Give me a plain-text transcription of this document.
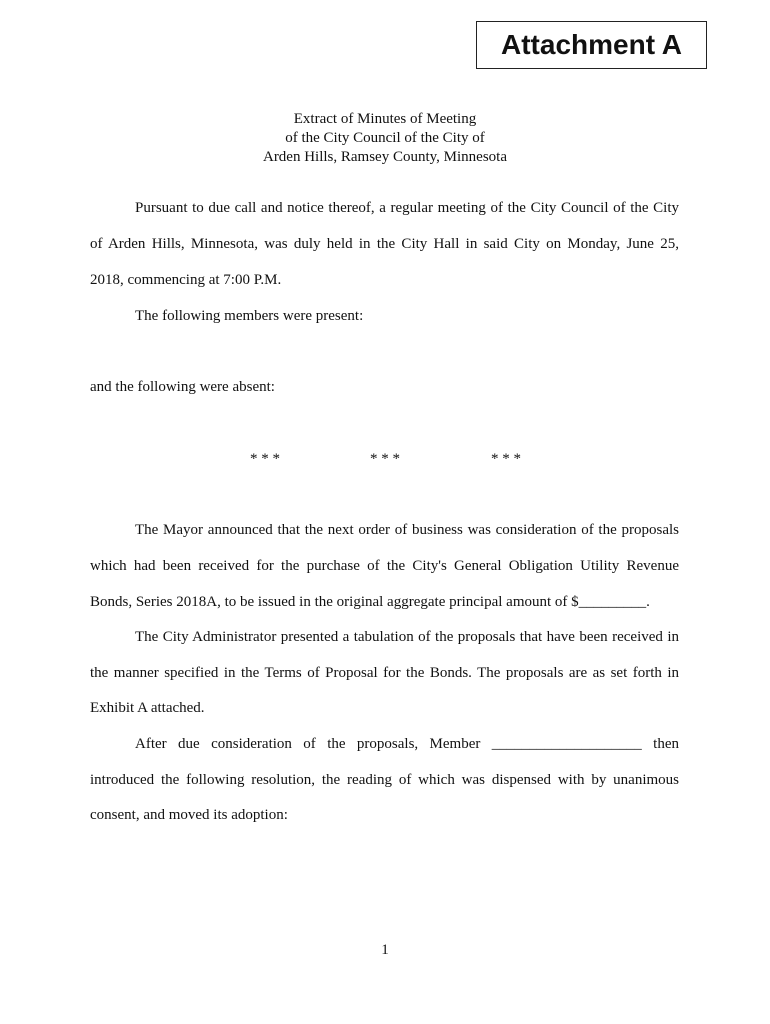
Attachment A
Extract of Minutes of Meeting
of the City Council of the City of
Arden Hills, Ramsey County, Minnesota
Pursuant to due call and notice thereof, a regular meeting of the City Council of the City
of Arden Hills, Minnesota, was duly held in the City Hall in said City on Monday, June 25,
2018, commencing at 7:00 P.M.
The following members were present:
and the following were absent:
* * *	* * *	* * *
The Mayor announced that the next order of business was consideration of the proposals
which had been received for the purchase of the City's General Obligation Utility Revenue
Bonds, Series 2018A, to be issued in the original aggregate principal amount of $_________.
The City Administrator presented a tabulation of the proposals that have been received in
the manner specified in the Terms of Proposal for the Bonds. The proposals are as set forth in
Exhibit A attached.
After due consideration of the proposals, Member ____________________ then
introduced the following resolution, the reading of which was dispensed with by unanimous
consent, and moved its adoption:
1
